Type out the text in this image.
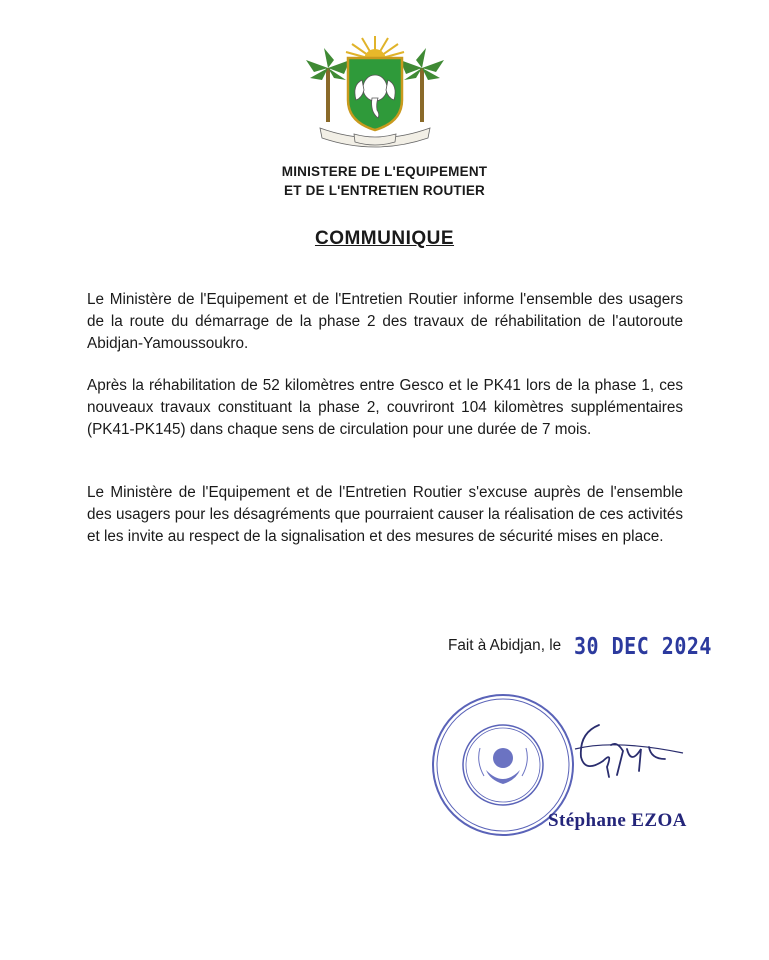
MINISTERE DE L'EQUIPEMENT
ET DE L'ENTRETIEN ROUTIER
COMMUNIQUE

Le Ministère de l'Equipement et de l'Entretien Routier informe l'ensemble des usagers de la route du démarrage de la phase 2 des travaux de réhabilitation de l'autoroute Abidjan-Yamoussoukro.

Après la réhabilitation de 52 kilomètres entre Gesco et le PK41 lors de la phase 1, ces nouveaux travaux constituant la phase 2, couvriront 104 kilomètres supplémentaires (PK41-PK145) dans chaque sens de circulation pour une durée de 7 mois.

Le Ministère de l'Equipement et de l'Entretien Routier s'excuse auprès de l'ensemble des usagers pour les désagréments que pourraient causer la réalisation de ces activités et les invite au respect de la signalisation et des mesures de sécurité mises en place.

Fait à Abidjan, le 30 DEC 2024
Stéphane EZOA
